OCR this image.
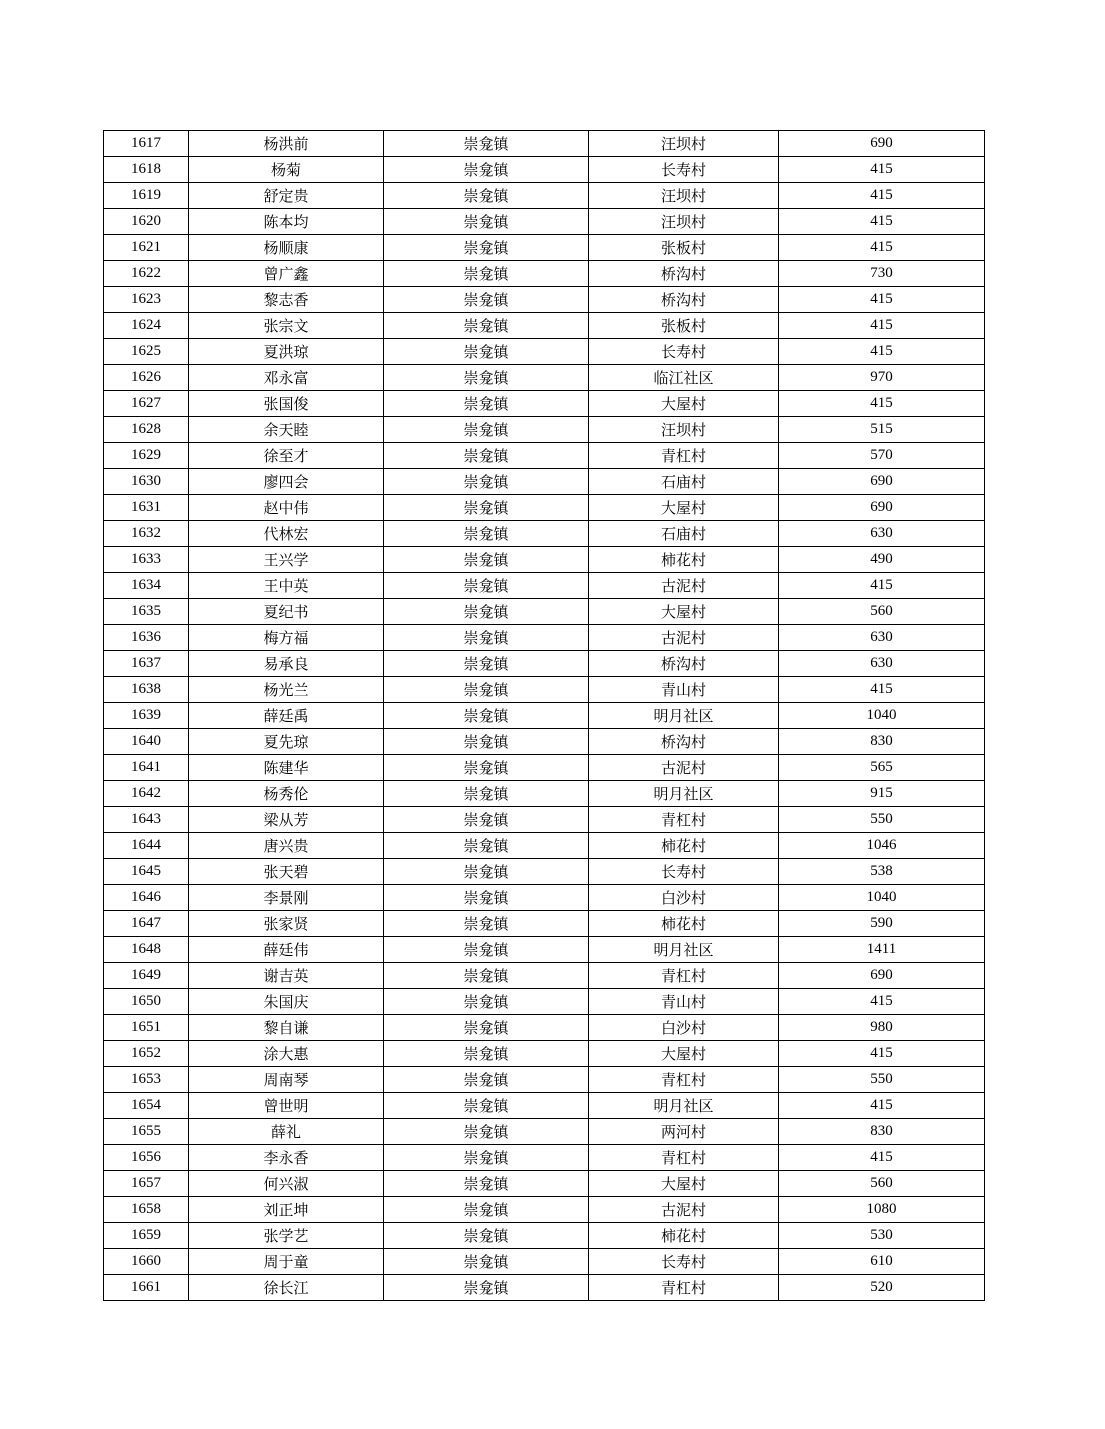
1617	杨洪前	崇龛镇	汪坝村	690
1618	杨菊	崇龛镇	长寿村	415
1619	舒定贵	崇龛镇	汪坝村	415
1620	陈本均	崇龛镇	汪坝村	415
1621	杨顺康	崇龛镇	张板村	415
1622	曾广鑫	崇龛镇	桥沟村	730
1623	黎志香	崇龛镇	桥沟村	415
1624	张宗文	崇龛镇	张板村	415
1625	夏洪琼	崇龛镇	长寿村	415
1626	邓永富	崇龛镇	临江社区	970
1627	张国俊	崇龛镇	大屋村	415
1628	余天睦	崇龛镇	汪坝村	515
1629	徐至才	崇龛镇	青杠村	570
1630	廖四会	崇龛镇	石庙村	690
1631	赵中伟	崇龛镇	大屋村	690
1632	代林宏	崇龛镇	石庙村	630
1633	王兴学	崇龛镇	柿花村	490
1634	王中英	崇龛镇	古泥村	415
1635	夏纪书	崇龛镇	大屋村	560
1636	梅方福	崇龛镇	古泥村	630
1637	易承良	崇龛镇	桥沟村	630
1638	杨光兰	崇龛镇	青山村	415
1639	薛廷禹	崇龛镇	明月社区	1040
1640	夏先琼	崇龛镇	桥沟村	830
1641	陈建华	崇龛镇	古泥村	565
1642	杨秀伦	崇龛镇	明月社区	915
1643	梁从芳	崇龛镇	青杠村	550
1644	唐兴贵	崇龛镇	柿花村	1046
1645	张天碧	崇龛镇	长寿村	538
1646	李景刚	崇龛镇	白沙村	1040
1647	张家贤	崇龛镇	柿花村	590
1648	薛廷伟	崇龛镇	明月社区	1411
1649	谢吉英	崇龛镇	青杠村	690
1650	朱国庆	崇龛镇	青山村	415
1651	黎自谦	崇龛镇	白沙村	980
1652	涂大惠	崇龛镇	大屋村	415
1653	周南琴	崇龛镇	青杠村	550
1654	曾世明	崇龛镇	明月社区	415
1655	薛礼	崇龛镇	两河村	830
1656	李永香	崇龛镇	青杠村	415
1657	何兴淑	崇龛镇	大屋村	560
1658	刘正坤	崇龛镇	古泥村	1080
1659	张学艺	崇龛镇	柿花村	530
1660	周于童	崇龛镇	长寿村	610
1661	徐长江	崇龛镇	青杠村	520
